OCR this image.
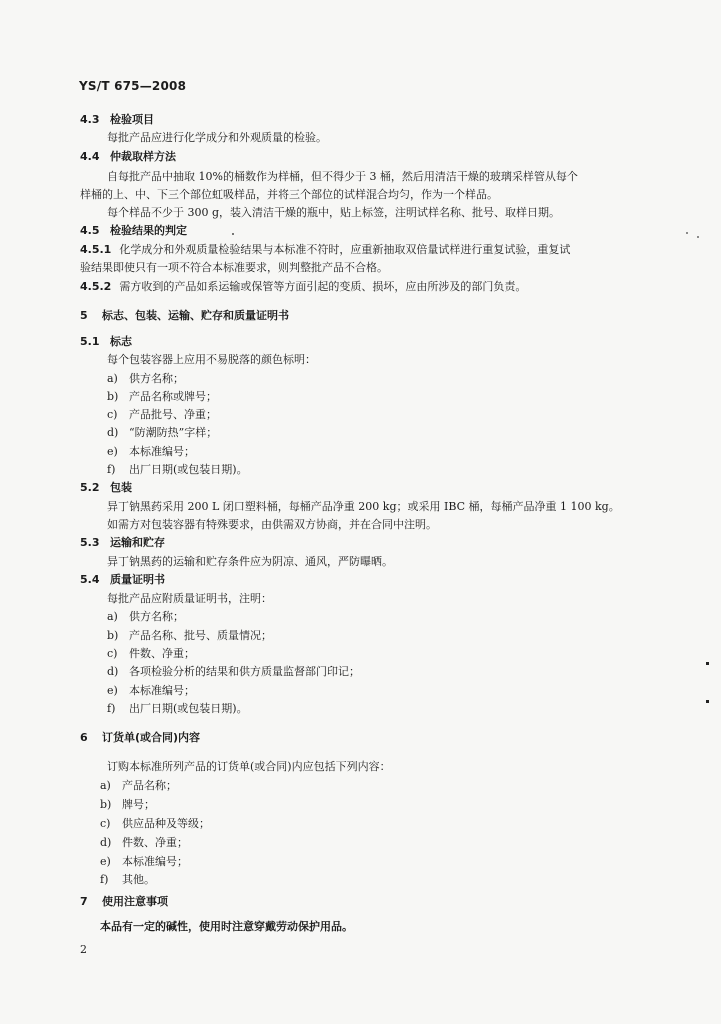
YS/T 675—2008
4.3 检验项目
每批产品应进行化学成分和外观质量的检验。
4.4 仲裁取样方法
自每批产品中抽取 10%的桶数作为样桶，但不得少于 3 桶，然后用清洁干燥的玻璃采样管从每个
样桶的上、中、下三个部位虹吸样品，并将三个部位的试样混合均匀，作为一个样品。
每个样品不少于 300 g，装入清洁干燥的瓶中，贴上标签，注明试样名称、批号、取样日期。
4.5 检验结果的判定
4.5.1 化学成分和外观质量检验结果与本标准不符时，应重新抽取双倍量试样进行重复试验，重复试
验结果即使只有一项不符合本标准要求，则判整批产品不合格。
4.5.2 需方收到的产品如系运输或保管等方面引起的变质、损坏，应由所涉及的部门负责。
5 标志、包装、运输、贮存和质量证明书
5.1 标志
每个包装容器上应用不易脱落的颜色标明：
a) 供方名称；
b) 产品名称或牌号；
c) 产品批号、净重；
d) “防潮防热”字样；
e) 本标准编号；
f) 出厂日期(或包装日期)。
5.2 包装
异丁钠黑药采用 200 L 闭口塑料桶，每桶产品净重 200 kg；或采用 IBC 桶，每桶产品净重 1 100 kg。
如需方对包装容器有特殊要求，由供需双方协商，并在合同中注明。
5.3 运输和贮存
异丁钠黑药的运输和贮存条件应为阴凉、通风，严防曝晒。
5.4 质量证明书
每批产品应附质量证明书，注明：
a) 供方名称；
b) 产品名称、批号、质量情况；
c) 件数、净重；
d) 各项检验分析的结果和供方质量监督部门印记；
e) 本标准编号；
f) 出厂日期(或包装日期)。
6 订货单(或合同)内容
订购本标准所列产品的订货单(或合同)内应包括下列内容：
a) 产品名称；
b) 牌号；
c) 供应品种及等级；
d) 件数、净重；
e) 本标准编号；
f) 其他。
7 使用注意事项
本品有一定的碱性，使用时注意穿戴劳动保护用品。
2
